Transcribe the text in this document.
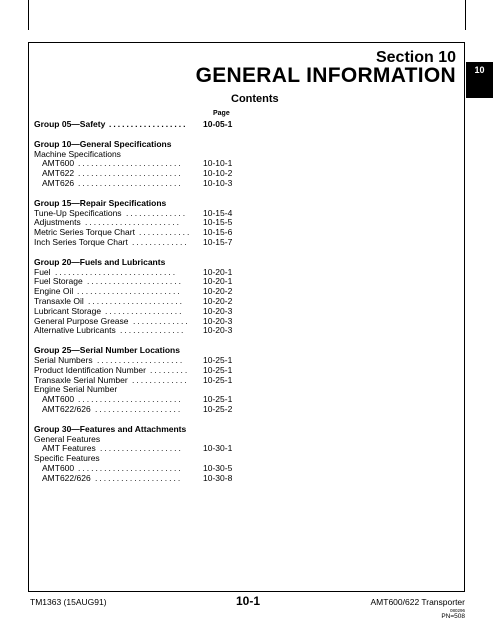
10
Section 10
GENERAL INFORMATION
Contents
Page
Group 05—Safety .................. 10-05-1
Group 10—General Specifications
Machine Specifications
AMT600 ........................ 10-10-1
AMT622 ........................ 10-10-2
AMT626 ........................ 10-10-3
Group 15—Repair Specifications
Tune-Up Specifications .............. 10-15-4
Adjustments ......................	10-15-5
Metric Series Torque Chart ............ 10-15-6
Inch Series Torque Chart ............. 10-15-7
Group 20—Fuels and Lubricants
Fuel ............................	10-20-1
Fuel Storage ...................... 10-20-1
Engine Oil ........................	10-20-2
Transaxle Oil ...................... 10-20-2
Lubricant Storage .................. 10-20-3
General Purpose Grease ............. 10-20-3
Alternative Lubricants ............... 10-20-3
Group 25—Serial Number Locations
Serial Numbers .................... 10-25-1
Product Identification Number ......... 10-25-1
Transaxle Serial Number ............. 10-25-1
Engine Serial Number
AMT600 ........................ 10-25-1
AMT622/626 .................... 10-25-2
Group 30—Features and Attachments
General Features
AMT Features ................... 10-30-1
Specific Features
AMT600 ........................ 10-30-5
AMT622/626 .................... 10-30-8
TM1363 (15AUG91)	10-1	AMT600/622 Transporter
080296
PN=508
